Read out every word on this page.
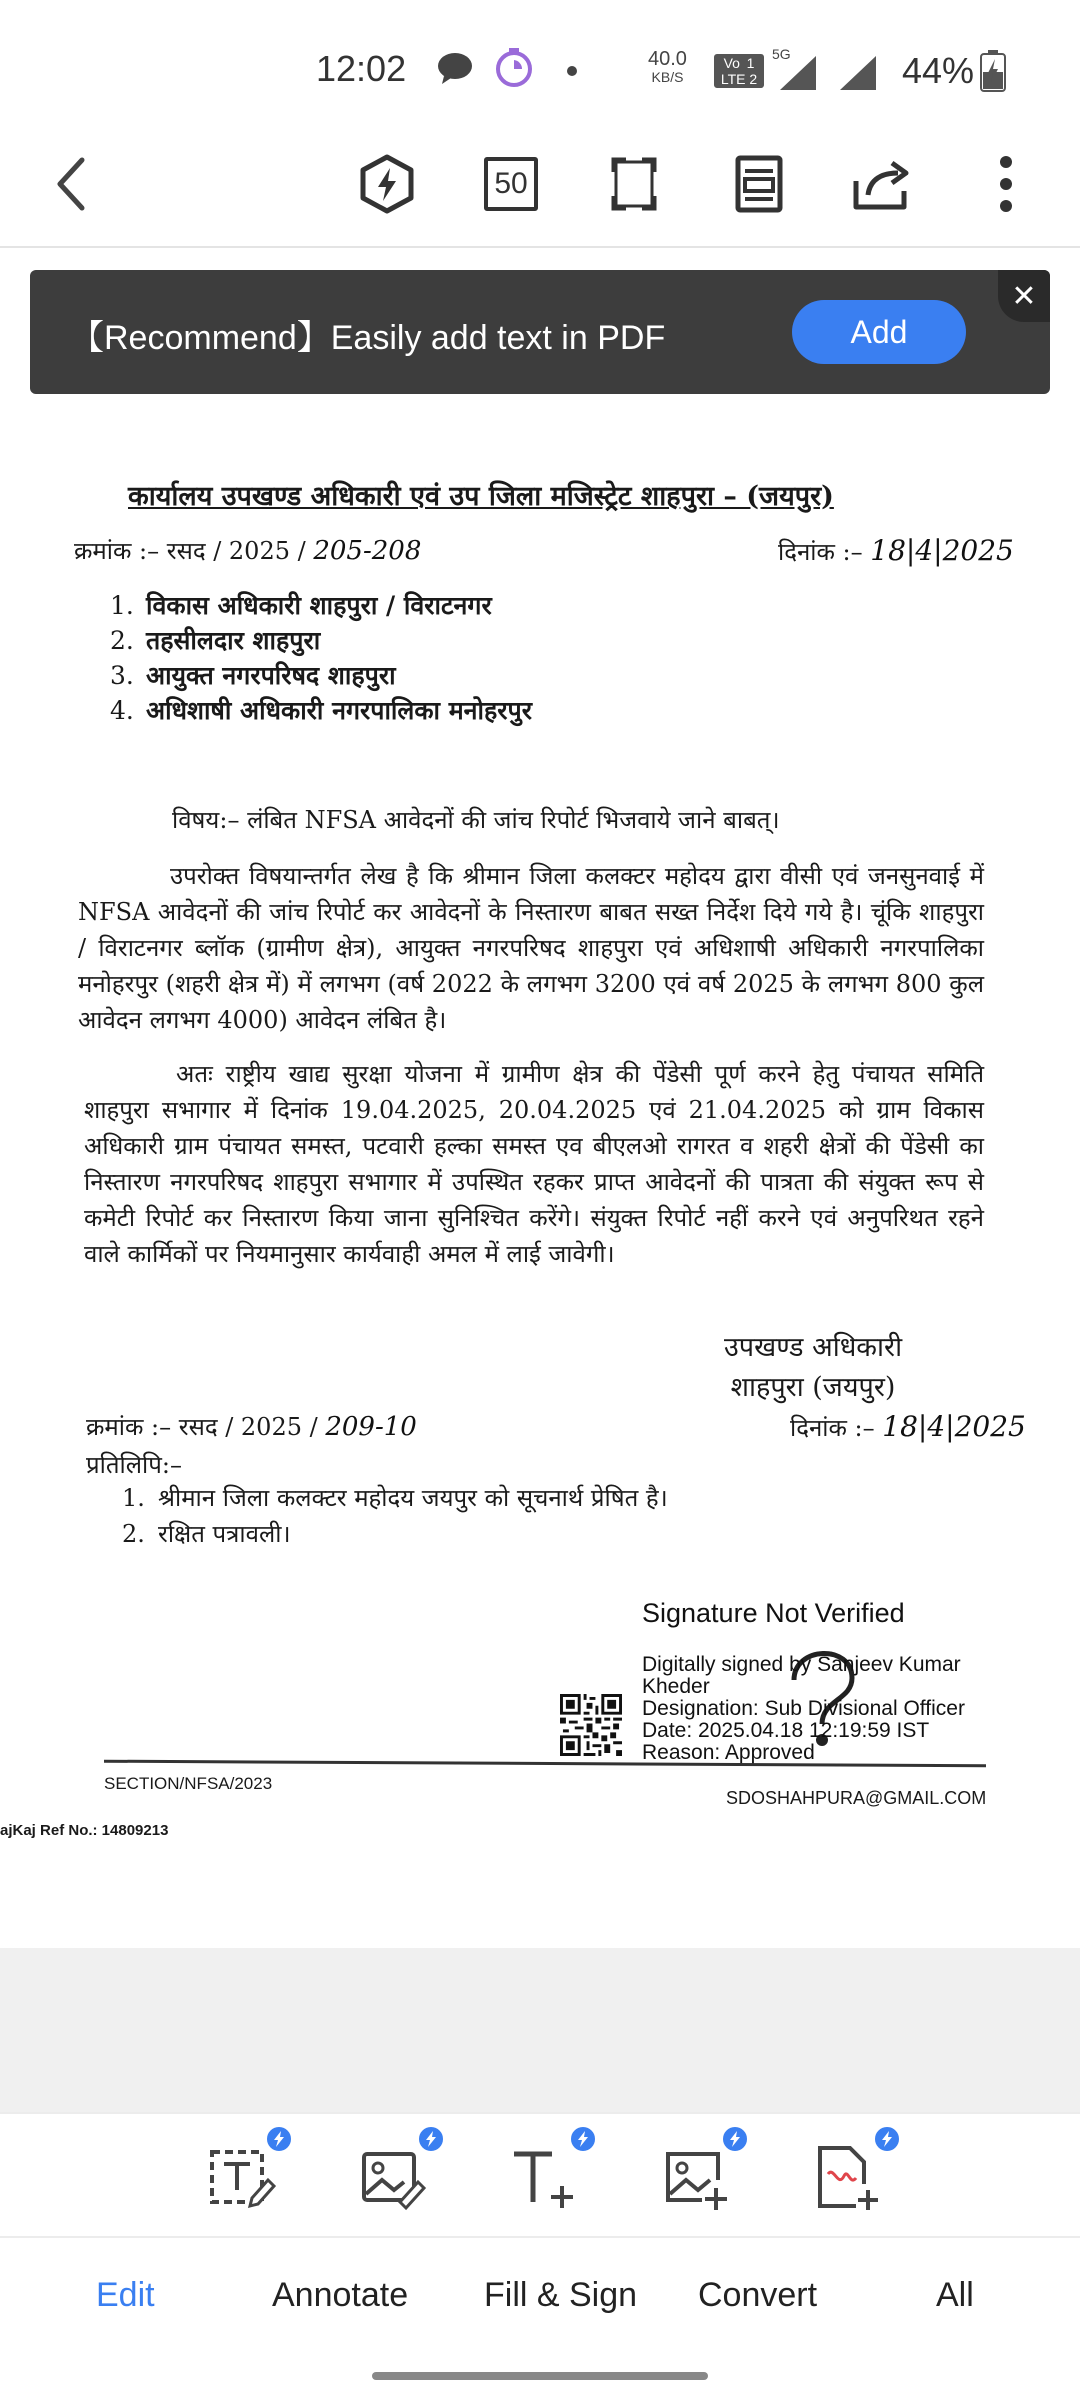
12:02	40.0
KB/S
Vo  1
LTE 2
5G	44%
50
【Recommend】Easily add text in PDF	Add
✕
कार्यालय उपखण्ड अधिकारी एवं उप जिला मजिस्ट्रेट शाहपुरा – (जयपुर)
क्रमांक :– रसद / 2025 / 205-208	दिनांक :– 18|4|2025
1. विकास अधिकारी शाहपुरा / विराटनगर
2. तहसीलदार शाहपुरा
3. आयुक्त नगरपरिषद शाहपुरा
4. अधिशाषी अधिकारी नगरपालिका मनोहरपुर
विषय:– लंबित NFSA आवेदनों की जांच रिपोर्ट भिजवाये जाने बाबत्।
उपरोक्त विषयान्तर्गत लेख है कि श्रीमान जिला कलक्टर महोदय द्वारा वीसी एवं जनसुनवाई में NFSA आवेदनों की जांच रिपोर्ट कर आवेदनों के निस्तारण बाबत सख्त निर्देश दिये गये है। चूंकि शाहपुरा / विराटनगर ब्लॉक (ग्रामीण क्षेत्र), आयुक्त नगरपरिषद शाहपुरा एवं अधिशाषी अधिकारी नगरपालिका मनोहरपुर (शहरी क्षेत्र में) में लगभग (वर्ष 2022 के लगभग 3200 एवं वर्ष 2025 के लगभग 800 कुल आवेदन लगभग 4000) आवेदन लंबित है।
अतः राष्ट्रीय खाद्य सुरक्षा योजना में ग्रामीण क्षेत्र की पेंडेसी पूर्ण करने हेतु पंचायत समिति शाहपुरा सभागार में दिनांक 19.04.2025, 20.04.2025 एवं 21.04.2025 को ग्राम विकास अधिकारी ग्राम पंचायत समस्त, पटवारी हल्का समस्त एव बीएलओ रागरत व शहरी क्षेत्रों की पेंडेसी का निस्तारण नगरपरिषद शाहपुरा सभागार में उपस्थित रहकर प्राप्त आवेदनों की पात्रता की संयुक्त रूप से कमेटी रिपोर्ट कर निस्तारण किया जाना सुनिश्चित करेंगे। संयुक्त रिपोर्ट नहीं करने एवं अनुपरिथत रहने वाले कार्मिकों पर नियमानुसार कार्यवाही अमल में लाई जावेगी।
उपखण्ड अधिकारी
शाहपुरा (जयपुर)
क्रमांक :– रसद / 2025 / 209-10	दिनांक :– 18|4|2025
प्रतिलिपि:–
1. श्रीमान जिला कलक्टर महोदय जयपुर को सूचनार्थ प्रेषित है।
2. रक्षित पत्रावली।
Signature Not Verified
Digitally signed by Sanjeev Kumar
Kheder
Designation: Sub Divisional Officer
Date: 2025.04.18 12:19:59 IST
Reason: Approved
SECTION/NFSA/2023
SDOSHAHPURA@GMAIL.COM
ajKaj Ref No.: 14809213
Edit	Annotate Fill & Sign Convert	All
